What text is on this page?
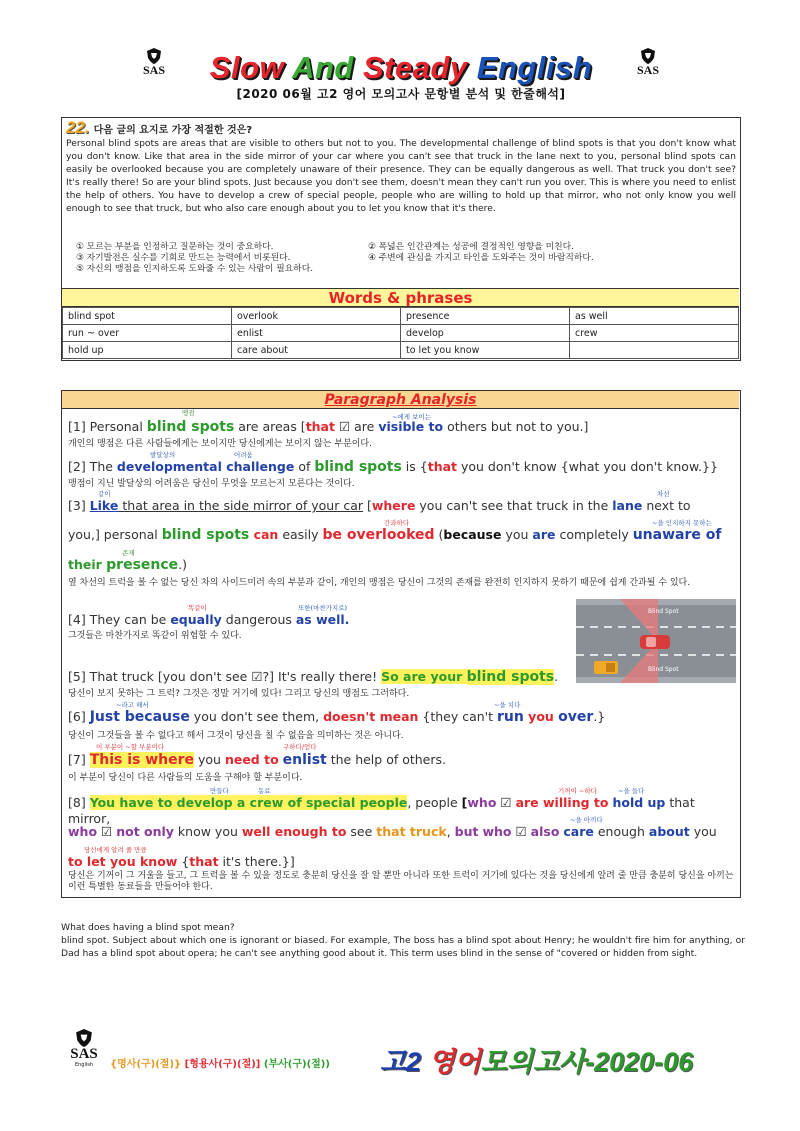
SAS	Slow And Steady English	SAS
[2020 06월 고2 영어 모의고사 문항별 분석 및 한줄해석]
22. 다음 글의 요지로 가장 적절한 것은?
Personal blind spots are areas that are visible to others but not to you. The developmental challenge of blind spots is that you don't know what you don't know. Like that area in the side mirror of your car where you can't see that truck in the lane next to you, personal blind spots can easily be overlooked because you are completely unaware of their presence. They can be equally dangerous as well. That truck you don't see? It's really there! So are your blind spots. Just because you don't see them, doesn't mean they can't run you over. This is where you need to enlist the help of others. You have to develop a crew of special people, people who are willing to hold up that mirror, who not only know you well enough to see that truck, but who also care enough about you to let you know that it's there.
① 모르는 부분을 인정하고 질문하는 것이 중요하다.	② 폭넓은 인간관계는 성공에 결정적인 영향을 미친다.
③ 자기발전은 실수를 기회로 만드는 능력에서 비롯된다.	④ 주변에 관심을 가지고 타인을 도와주는 것이 바람직하다.
⑤ 자신의 맹점을 인지하도록 도와줄 수 있는 사람이 필요하다.
Words & phrases
blind spot	overlook	presence	as well
run ~ over	enlist	develop	crew
hold up	care about	to let you know	
Paragraph Analysis
맹점	~에게 보이는
[1] Personal blind spots are areas [that ☑ are visible to others but not to you.]
개인의 맹점은 다른 사람들에게는 보이지만 당신에게는 보이지 않는 부분이다.
발달상의	어려움
[2] The developmental challenge of blind spots is {that you don't know {what you don't know.}}
맹점이 지닌 발달상의 어려움은 당신이 무엇을 모르는지 모른다는 것이다.
같이	차선
[3] Like that area in the side mirror of your car [where you can't see that truck in the lane next to
간과하다	~을 인지하지 못하는
you,] personal blind spots can easily be overlooked (because you are completely unaware of
존재
their presence.)
옆 차선의 트럭을 볼 수 없는 당신 차의 사이드미러 속의 부분과 같이, 개인의 맹점은 당신이 그것의 존재를 완전히 인지하지 못하기 때문에 쉽게 간과될 수 있다.
Blind Spot
Blind Spot
똑같이	또한(마찬가지로)
[4] They can be equally dangerous as well.
그것들은 마찬가지로 똑같이 위험할 수 있다.
[5] That truck [you don't see ☑?] It's really there! So are your blind spots.
당신이 보지 못하는 그 트럭? 그것은 정말 거기에 있다! 그리고 당신의 맹점도 그러하다.
~라고 해서	~을 치다
[6] Just because you don't see them, doesn't mean {they can't run you over.}
당신이 그것들을 볼 수 없다고 해서 그것이 당신을 칠 수 없음을 의미하는 것은 아니다.
이 부분이 ~할 부분이다	구하다/얻다
[7] This is where you need to enlist the help of others.
이 부분이 당신이 다른 사람들의 도움을 구해야 할 부분이다.
만들다	동료	기꺼이 ~하다	~을 들다
[8] You have to develop a crew of special people, people [who ☑ are willing to hold up that mirror,	~을 아끼다
who ☑ not only know you well enough to see that truck, but who ☑ also care enough about you
당신에게 알려 줄 만큼
to let you know {that it's there.}]
당신은 기꺼이 그 거울을 들고, 그 트럭을 볼 수 있을 정도로 충분히 당신을 잘 알 뿐만 아니라 또한 트럭이 거기에 있다는 것을 당신에게 알려 줄 만큼 충분히 당신을 아끼는 이런 특별한 동료들을 만들어야 한다.
What does having a blind spot mean?
blind spot. Subject about which one is ignorant or biased. For example, The boss has a blind spot about Henry; he wouldn't fire him for anything, or Dad has a blind spot about opera; he can't see anything good about it. This term uses blind in the sense of "covered or hidden from sight.
SAS
English	{명사(구)(절)} [형용사(구)(절)] (부사(구)(절)) 고2 영어모의고사-2020-06
